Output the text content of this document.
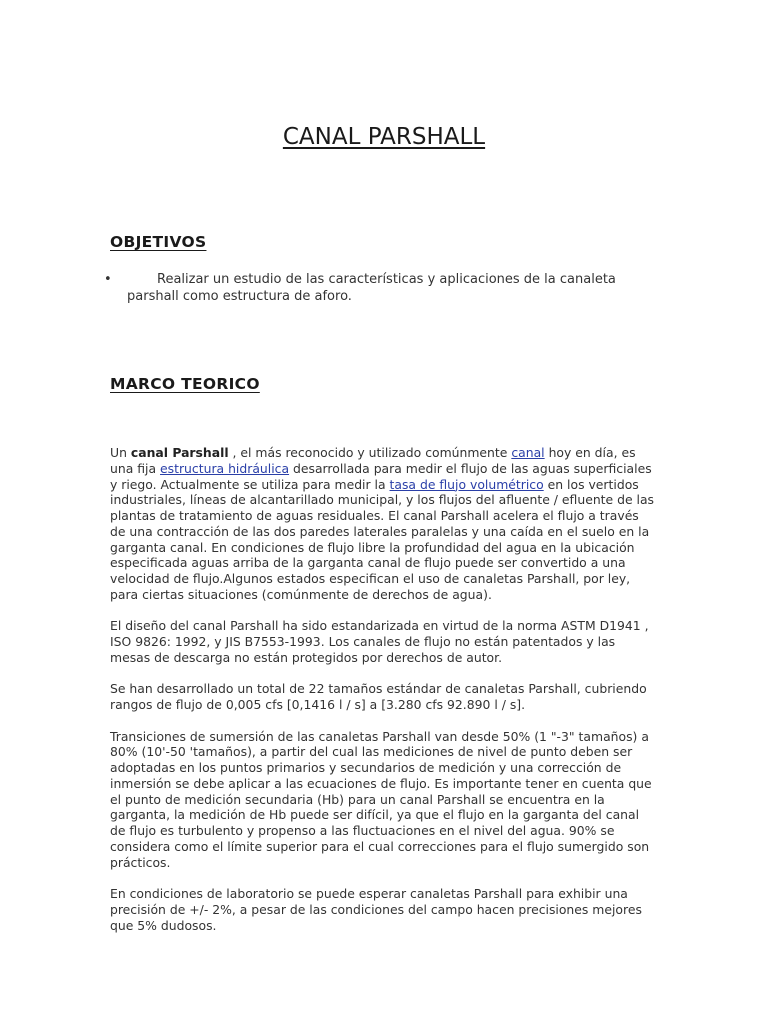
CANAL PARSHALL
OBJETIVOS
•	Realizar un estudio de las características y aplicaciones de la canaleta parshall como estructura de aforo.
MARCO TEORICO

Un canal Parshall , el más reconocido y utilizado comúnmente canal hoy en día, es una fija estructura hidráulica desarrollada para medir el flujo de las aguas superficiales y riego. Actualmente se utiliza para medir la tasa de flujo volumétrico en los vertidos industriales, líneas de alcantarillado municipal, y los flujos del afluente / efluente de las plantas de tratamiento de aguas residuales. El canal Parshall acelera el flujo a través de una contracción de las dos paredes laterales paralelas y una caída en el suelo en la garganta canal. En condiciones de flujo libre la profundidad del agua en la ubicación especificada aguas arriba de la garganta canal de flujo puede ser convertido a una velocidad de flujo.Algunos estados especifican el uso de canaletas Parshall, por ley, para ciertas situaciones (comúnmente de derechos de agua).

El diseño del canal Parshall ha sido estandarizada en virtud de la norma ASTM D1941 , ISO 9826: 1992, y JIS B7553-1993. Los canales de flujo no están patentados y las mesas de descarga no están protegidos por derechos de autor.

Se han desarrollado un total de 22 tamaños estándar de canaletas Parshall, cubriendo rangos de flujo de 0,005 cfs [0,1416 l / s] a [3.280 cfs 92.890 l / s].

Transiciones de sumersión de las canaletas Parshall van desde 50% (1 "-3" tamaños) a 80% (10'-50 'tamaños), a partir del cual las mediciones de nivel de punto deben ser adoptadas en los puntos primarios y secundarios de medición y una corrección de inmersión se debe aplicar a las ecuaciones de flujo. Es importante tener en cuenta que el punto de medición secundaria (Hb) para un canal Parshall se encuentra en la garganta, la medición de Hb puede ser difícil, ya que el flujo en la garganta del canal de flujo es turbulento y propenso a las fluctuaciones en el nivel del agua. 90% se considera como el límite superior para el cual correcciones para el flujo sumergido son prácticos.

En condiciones de laboratorio se puede esperar canaletas Parshall para exhibir una precisión de +/- 2%, a pesar de las condiciones del campo hacen precisiones mejores que 5% dudosos.
